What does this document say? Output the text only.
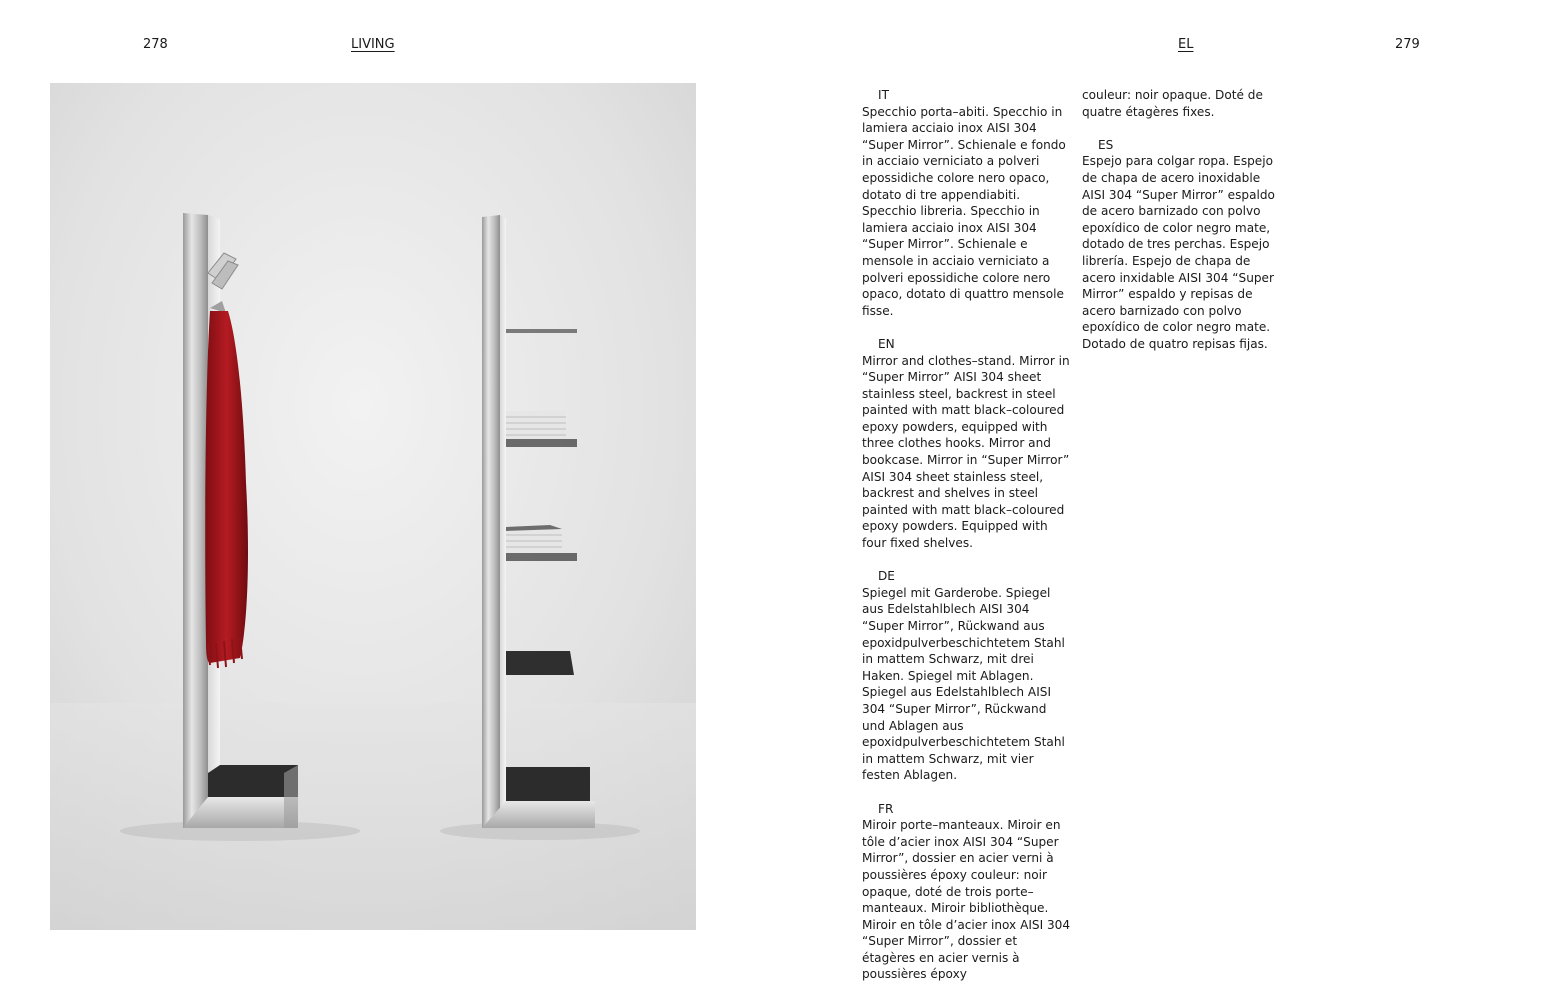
278	LIVING	EL	279

IT

Specchio porta–abiti. Specchio in lamiera acciaio inox AISI 304 “Super Mirror”. Schienale e fondo in acciaio verniciato a polveri epossidiche colore nero opaco, dotato di tre appendiabiti. Specchio libreria. Specchio in lamiera acciaio inox AISI 304 “Super Mirror”. Schienale e mensole in acciaio verniciato a polveri epossidiche colore nero opaco, dotato di quattro mensole fisse.

EN

Mirror and clothes–stand. Mirror in “Super Mirror” AISI 304 sheet stainless steel, backrest in steel painted with matt black–coloured epoxy powders, equipped with three clothes hooks. Mirror and bookcase. Mirror in “Super Mirror” AISI 304 sheet stainless steel, backrest and shelves in steel painted with matt black–coloured epoxy powders. Equipped with four fixed shelves.

DE

Spiegel mit Garderobe. Spiegel aus Edelstahlblech AISI 304 “Super Mirror”, Rückwand aus epoxidpulverbeschichtetem Stahl in mattem Schwarz, mit drei Haken. Spiegel mit Ablagen. Spiegel aus Edelstahlblech AISI 304 “Super Mirror”, Rückwand und Ablagen aus epoxidpulverbeschichtetem Stahl in mattem Schwarz, mit vier festen Ablagen.

FR

Miroir porte–manteaux. Miroir en tôle d’acier inox AISI 304 “Super Mirror”, dossier en acier verni à poussières époxy couleur: noir opaque, doté de trois porte–manteaux. Miroir bibliothèque. Miroir en tôle d’acier inox AISI 304 “Super Mirror”, dossier et étagères en acier vernis à poussières époxy

couleur: noir opaque. Doté de quatre étagères fixes.

ES

Espejo para colgar ropa. Espejo de chapa de acero inoxidable AISI 304 “Super Mirror” espaldo de acero barnizado con polvo epoxídico de color negro mate, dotado de tres perchas. Espejo librería. Espejo de chapa de acero inxidable AISI 304 “Super Mirror” espaldo y repisas de acero barnizado con polvo epoxídico de color negro mate. Dotado de quatro repisas fijas.
